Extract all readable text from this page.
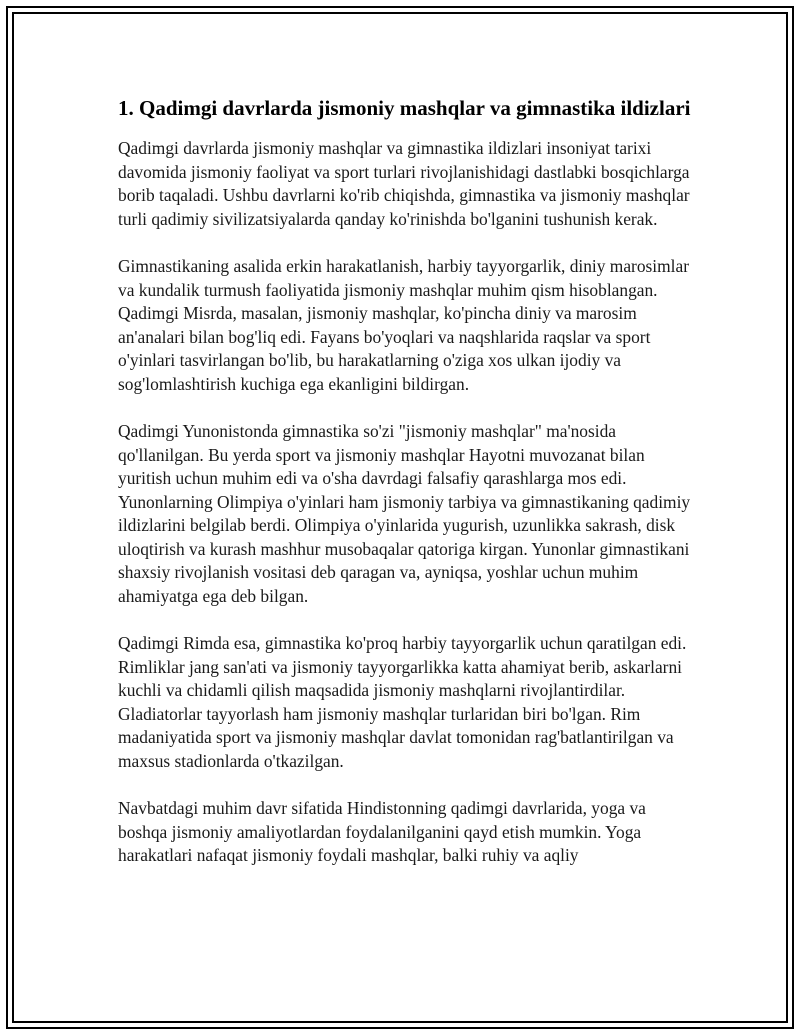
1. Qadimgi davrlarda jismoniy mashqlar va gimnastika ildizlari

Qadimgi davrlarda jismoniy mashqlar va gimnastika ildizlari insoniyat tarixi davomida jismoniy faoliyat va sport turlari rivojlanishidagi dastlabki bosqichlarga borib taqaladi. Ushbu davrlarni ko'rib chiqishda, gimnastika va jismoniy mashqlar turli qadimiy sivilizatsiyalarda qanday ko'rinishda bo'lganini tushunish kerak.

Gimnastikaning asalida erkin harakatlanish, harbiy tayyorgarlik, diniy marosimlar va kundalik turmush faoliyatida jismoniy mashqlar muhim qism hisoblangan. Qadimgi Misrda, masalan, jismoniy mashqlar, ko'pincha diniy va marosim an'analari bilan bog'liq edi. Fayans bo'yoqlari va naqshlarida raqslar va sport o'yinlari tasvirlangan bo'lib, bu harakatlarning o'ziga xos ulkan ijodiy va sog'lomlashtirish kuchiga ega ekanligini bildirgan.

Qadimgi Yunonistonda gimnastika so'zi "jismoniy mashqlar" ma'nosida qo'llanilgan. Bu yerda sport va jismoniy mashqlar Hayotni muvozanat bilan yuritish uchun muhim edi va o'sha davrdagi falsafiy qarashlarga mos edi. Yunonlarning Olimpiya o'yinlari ham jismoniy tarbiya va gimnastikaning qadimiy ildizlarini belgilab berdi. Olimpiya o'yinlarida yugurish, uzunlikka sakrash, disk uloqtirish va kurash mashhur musobaqalar qatoriga kirgan. Yunonlar gimnastikani shaxsiy rivojlanish vositasi deb qaragan va, ayniqsa, yoshlar uchun muhim ahamiyatga ega deb bilgan.

Qadimgi Rimda esa, gimnastika ko'proq harbiy tayyorgarlik uchun qaratilgan edi. Rimliklar jang san'ati va jismoniy tayyorgarlikka katta ahamiyat berib, askarlarni kuchli va chidamli qilish maqsadida jismoniy mashqlarni rivojlantirdilar. Gladiatorlar tayyorlash ham jismoniy mashqlar turlaridan biri bo'lgan. Rim madaniyatida sport va jismoniy mashqlar davlat tomonidan rag'batlantirilgan va maxsus stadionlarda o'tkazilgan.

Navbatdagi muhim davr sifatida Hindistonning qadimgi davrlarida, yoga va boshqa jismoniy amaliyotlardan foydalanilganini qayd etish mumkin. Yoga harakatlari nafaqat jismoniy foydali mashqlar, balki ruhiy va aqliy
